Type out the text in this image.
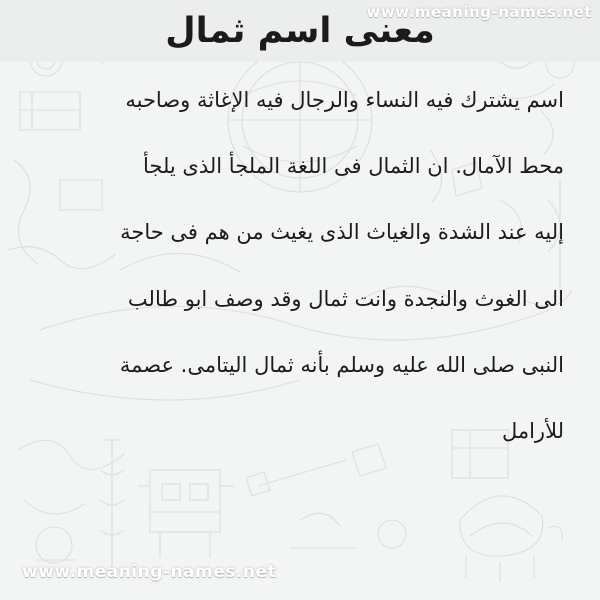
معنى اسم ثمال
www.meaning-names.net
اسم يشترك فيه النساء والرجال فيه الإغاثة وصاحبه
محط الآمال. ان الثمال فى اللغة الملجأ الذى يلجأ
إليه عند الشدة والغياث الذى يغيث من هم فى حاجة
الى الغوث والنجدة وانت ثمال وقد وصف ابو طالب
النبى صلى الله عليه وسلم بأنه ثمال اليتامى. عصمة
للأرامل
www.meaning-names.net
